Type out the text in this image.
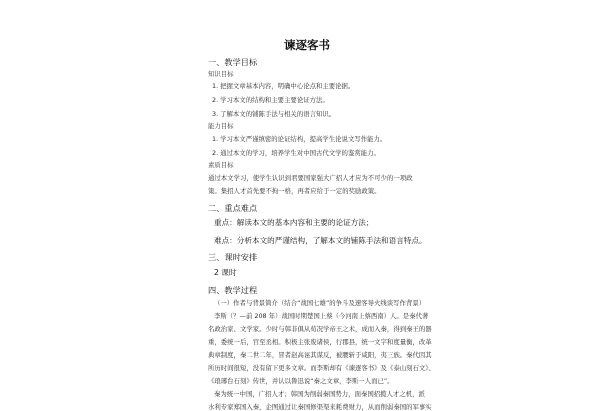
谏逐客书
一、教学目标
知识目标
1. 把握文章基本内容，明确中心论点和主要论据。
2. 学习本文的结构和主要主要论证方法。
3. 了解本文的铺陈手法与相关的语言知识。
能力目标
1. 学习本文严谨缜密的论证结构，提高学生论说文写作能力。
2. 通过本文的学习，培养学生对中国古代文学的鉴赏能力。
素质目标
通过本文学习，使学生认识到君要国家强大广招人才应为不可少的一项政
策。集招人才首先要不拘一格，再者应给于一定的奖励政策。
二、重点难点
重点：解读本文的基本内容和主要的论证方法；
难点：分析本文的严谨结构，了解本文的铺陈手法和语言特点。
三、课时安排
2 课时
四、教学过程
（一）作者与背景简介（结合“战国七雄”的争斗及速客导火线谈写作背景）
李斯（？—前 208 年）战国时期楚国上蔡（今河南上蔡西南）人。是秦代著
名政治家、文学家。少时与韩非俱从荀况学帝王之术，成而入秦，得到秦王的器
重，委统一后，官至丞相。积极主张废诸侯，行郡县，统一文字和度量衡，改革
典章制度，秦二世二年，冒者赵高诬其谋反，被腰斩于咸阳，夷三族。秦代因其
所历时间很短，没有留下更多文章。而李斯却有《谏逐客书》及《泰山刻石文》、
《琅琊台石刻》传世，并认以鲁迅说“秦之文章，李斯一人而已”。
秦为统一中国，广招人才；韩国为削弱秦国势力，面秦国招揽人才之机，派
水利专家郑国入秦，企图通过让秦国修渠渠来耗费财力，从而削弱秦国的军事实
